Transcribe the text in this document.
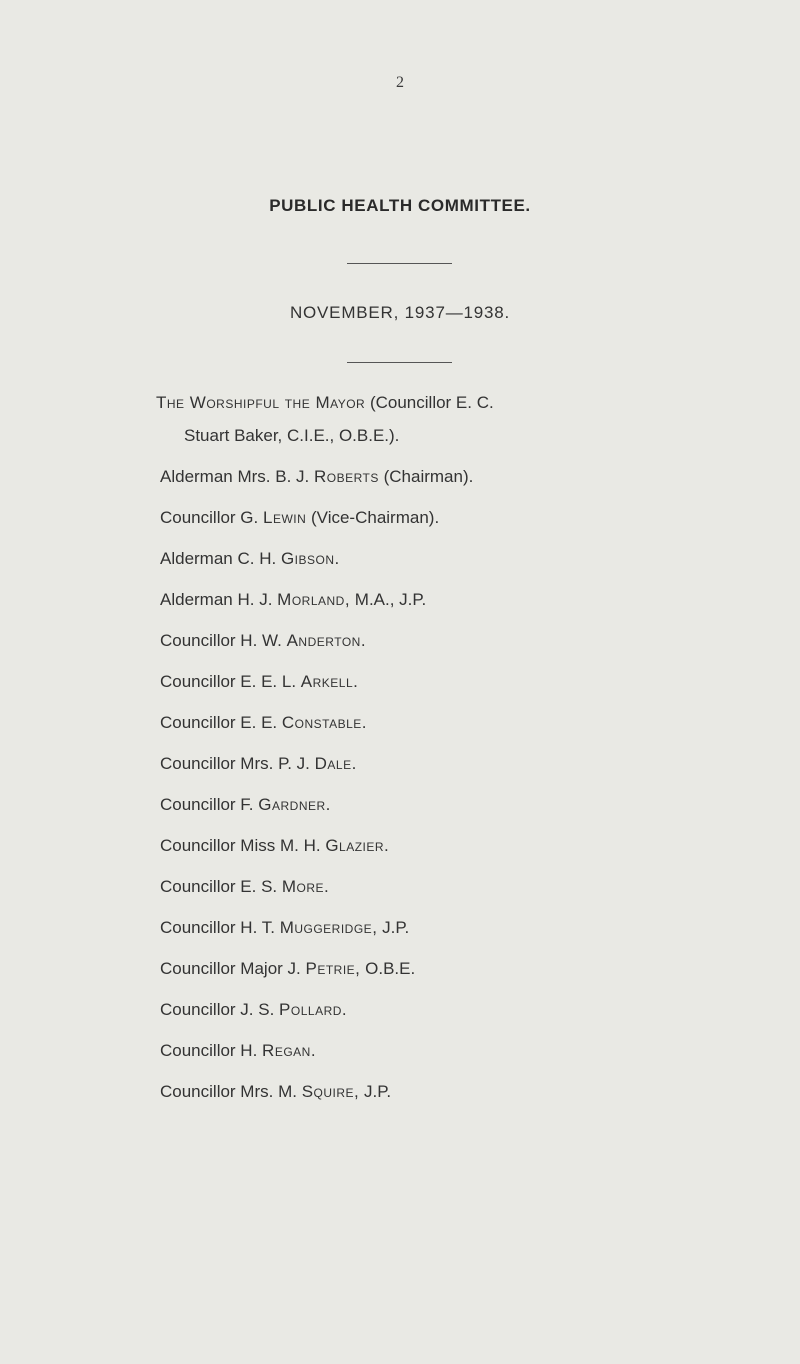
2
PUBLIC HEALTH COMMITTEE.
NOVEMBER, 1937—1938.
The Worshipful the Mayor (Councillor E. C.
Stuart Baker, C.I.E., O.B.E.).
Alderman Mrs. B. J. Roberts (Chairman).
Councillor G. Lewin (Vice-Chairman).
Alderman C. H. Gibson.
Alderman H. J. Morland, M.A., J.P.
Councillor H. W. Anderton.
Councillor E. E. L. Arkell.
Councillor E. E. Constable.
Councillor Mrs. P. J. Dale.
Councillor F. Gardner.
Councillor Miss M. H. Glazier.
Councillor E. S. More.
Councillor H. T. Muggeridge, J.P.
Councillor Major J. Petrie, O.B.E.
Councillor J. S. Pollard.
Councillor H. Regan.
Councillor Mrs. M. Squire, J.P.
